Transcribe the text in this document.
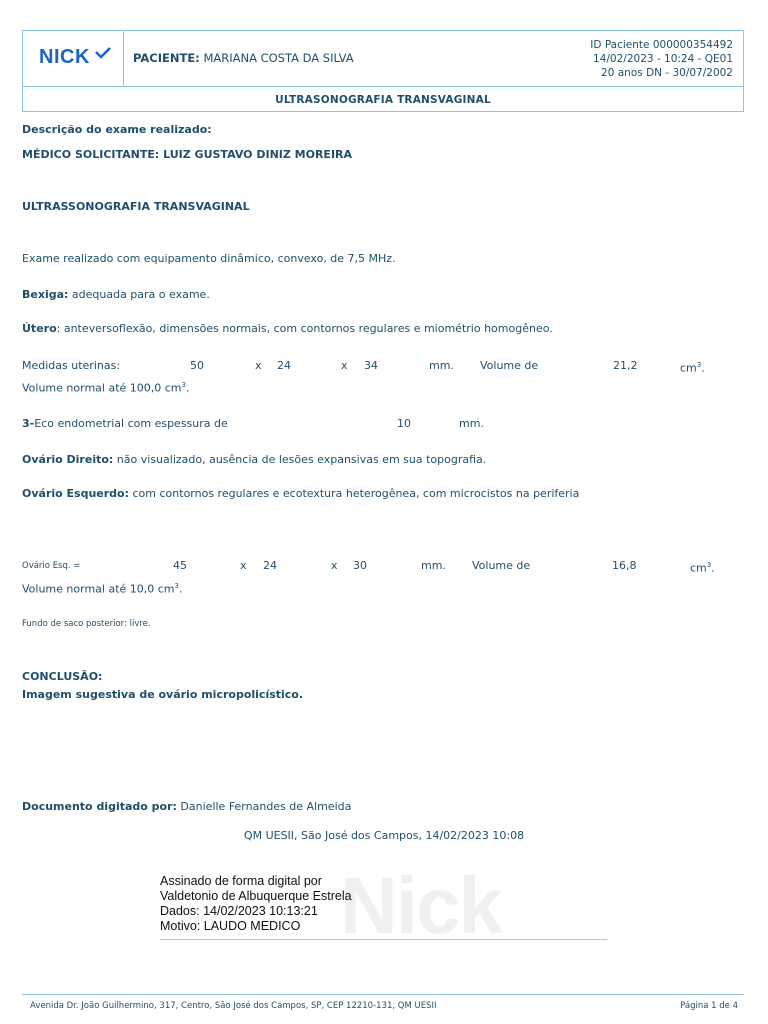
NICK	PACIENTE: MARIANA COSTA DA SILVA
ID Paciente 000000354492
14/02/2023 - 10:24 - QE01
20 anos DN - 30/07/2002
ULTRASONOGRAFIA TRANSVAGINAL
Descrição do exame realizado:
MÉDICO SOLICITANTE: LUIZ GUSTAVO DINIZ MOREIRA
ULTRASSONOGRAFIA TRANSVAGINAL
Exame realizado com equipamento dinâmico, convexo, de 7,5 MHz.
Bexiga: adequada para o exame.
Útero: anteversoflexão, dimensões normais, com contornos regulares e miométrio homogêneo.
Medidas uterinas:	50	x 24	x 34	mm. Volume de	21,2	$cm^3$.
Volume normal até 100,0 $cm^3$.
3-Eco endometrial com espessura de	10	mm.
Ovário Direito: não visualizado, ausência de lesões expansivas em sua topografia.
Ovário Esquerdo: com contornos regulares e ecotextura heterogênea, com microcistos na periferia
Ovário Esq. =	45	x 24	x 30	mm. Volume de	16,8	$cm^3$.
Volume normal até 10,0 $cm^3$.
Fundo de saco posterior: livre.
CONCLUSÃO:
Imagem sugestiva de ovário micropolicístico.
Documento digitado por: Danielle Fernandes de Almeida
QM UESII, São José dos Campos, 14/02/2023 10:08
Nick
Assinado de forma digital por
Valdetonio de Albuquerque Estrela
Dados: 14/02/2023 10:13:21
Motivo: LAUDO MEDICO
Avenida Dr. João Guilhermino, 317, Centro, São José dos Campos, SP, CEP 12210-131, QM UESII	Página 1 de 4
